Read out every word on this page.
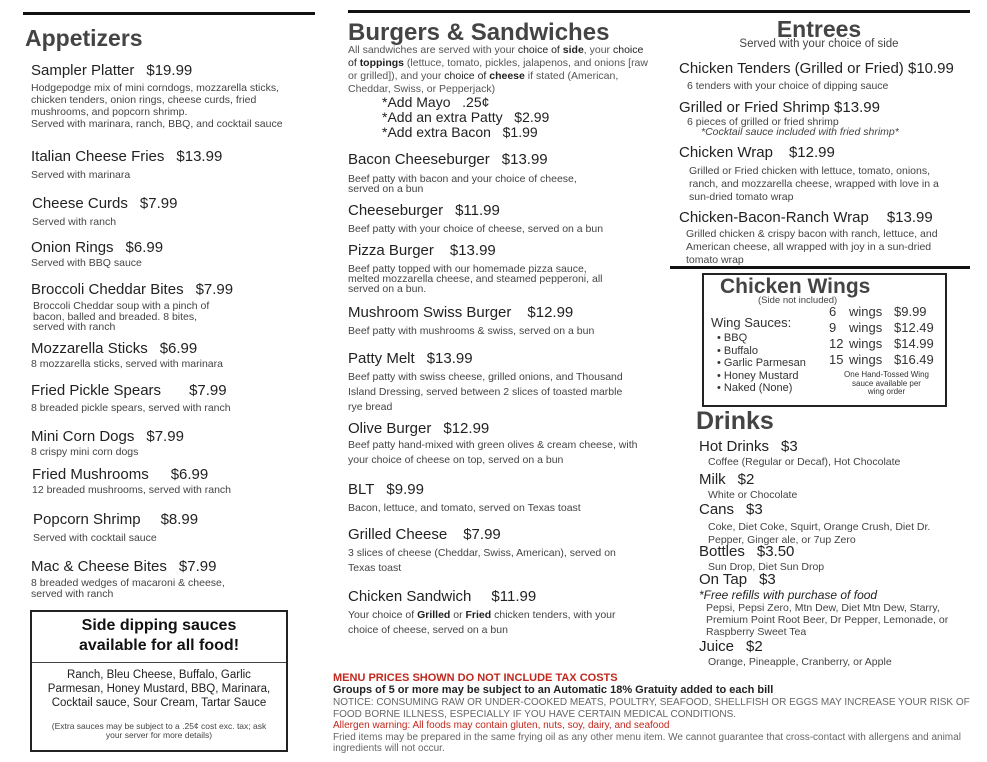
Appetizers
Sampler Platter $19.99
Hodgepodge mix of mini corndogs, mozzarella sticks, chicken tenders, onion rings, cheese curds, fried mushrooms, and popcorn shrimp.
Served with marinara, ranch, BBQ, and cocktail sauce
Italian Cheese Fries $13.99
Served with marinara
Cheese Curds $7.99
Served with ranch
Onion Rings $6.99
Served with BBQ sauce
Broccoli Cheddar Bites $7.99
Broccoli Cheddar soup with a pinch of bacon, balled and breaded. 8 bites, served with ranch
Mozzarella Sticks $6.99
8 mozzarella sticks, served with marinara
Fried Pickle Spears $7.99
8 breaded pickle spears, served with ranch
Mini Corn Dogs $7.99
8 crispy mini corn dogs
Fried Mushrooms $6.99
12 breaded mushrooms, served with ranch
Popcorn Shrimp $8.99
Served with cocktail sauce
Mac & Cheese Bites $7.99
8 breaded wedges of macaroni & cheese, served with ranch
Side dipping sauces available for all food!
Ranch, Bleu Cheese, Buffalo, Garlic Parmesan, Honey Mustard, BBQ, Marinara, Cocktail sauce, Sour Cream, Tartar Sauce
(Extra sauces may be subject to a .25¢ cost exc. tax; ask your server for more details)
Burgers & Sandwiches
All sandwiches are served with your choice of side, your choice of toppings (lettuce, tomato, pickles, jalapenos, and onions [raw or grilled]), and your choice of cheese if stated (American, Cheddar, Swiss, or Pepperjack)
*Add Mayo   .25¢
*Add an extra Patty   $2.99
*Add extra Bacon   $1.99
Bacon Cheeseburger $13.99
Beef patty with bacon and your choice of cheese, served on a bun
Cheeseburger $11.99
Beef patty with your choice of cheese, served on a bun
Pizza Burger $13.99
Beef patty topped with our homemade pizza sauce, melted mozzarella cheese, and steamed pepperoni, all served on a bun.
Mushroom Swiss Burger $12.99
Beef patty with mushrooms & swiss, served on a bun
Patty Melt $13.99
Beef patty with swiss cheese, grilled onions, and Thousand Island Dressing, served between 2 slices of toasted marble rye bread
Olive Burger $12.99
Beef patty hand-mixed with green olives & cream cheese, with your choice of cheese on top, served on a bun
BLT $9.99
Bacon, lettuce, and tomato, served on Texas toast
Grilled Cheese $7.99
3 slices of cheese (Cheddar, Swiss, American), served on Texas toast
Chicken Sandwich $11.99
Your choice of Grilled or Fried chicken tenders, with your choice of cheese, served on a bun
Entrees
Served with your choice of side
Chicken Tenders (Grilled or Fried) $10.99
6 tenders with your choice of dipping sauce
Grilled or Fried Shrimp $13.99
6 pieces of grilled or fried shrimp
*Cocktail sauce included with fried shrimp*
Chicken Wrap $12.99
Grilled or Fried chicken with lettuce, tomato, onions, ranch, and mozzarella cheese, wrapped with love in a sun-dried tomato wrap
Chicken-Bacon-Ranch Wrap $13.99
Grilled chicken & crispy bacon with ranch, lettuce, and American cheese, all wrapped with joy in a sun-dried tomato wrap
Chicken Wings
(Side not included)
Wing Sauces:
• BBQ
• Buffalo
• Garlic Parmesan
• Honey Mustard
• Naked (None)
6 wings $9.99
9 wings $12.49
12 wings $14.99
15 wings $16.49
One Hand-Tossed Wing sauce available per wing order
Drinks
Hot Drinks $3
Coffee (Regular or Decaf), Hot Chocolate
Milk $2
White or Chocolate
Cans $3
Coke, Diet Coke, Squirt, Orange Crush, Diet Dr. Pepper, Ginger ale, or 7up Zero
Bottles $3.50
Sun Drop, Diet Sun Drop
On Tap $3
*Free refills with purchase of food
Pepsi, Pepsi Zero, Mtn Dew, Diet Mtn Dew, Starry, Premium Point Root Beer, Dr Pepper, Lemonade, or Raspberry Sweet Tea
Juice $2
Orange, Pineapple, Cranberry, or Apple
MENU PRICES SHOWN DO NOT INCLUDE TAX COSTS
Groups of 5 or more may be subject to an Automatic 18% Gratuity added to each bill
NOTICE: CONSUMING RAW OR UNDER-COOKED MEATS, POULTRY, SEAFOOD, SHELLFISH OR EGGS MAY INCREASE YOUR RISK OF FOOD BORNE ILLNESS, ESPECIALLY IF YOU HAVE CERTAIN MEDICAL CONDITIONS.
Allergen warning: All foods may contain gluten, nuts, soy, dairy, and seafood
Fried items may be prepared in the same frying oil as any other menu item. We cannot guarantee that cross-contact with allergens and animal ingredients will not occur.
